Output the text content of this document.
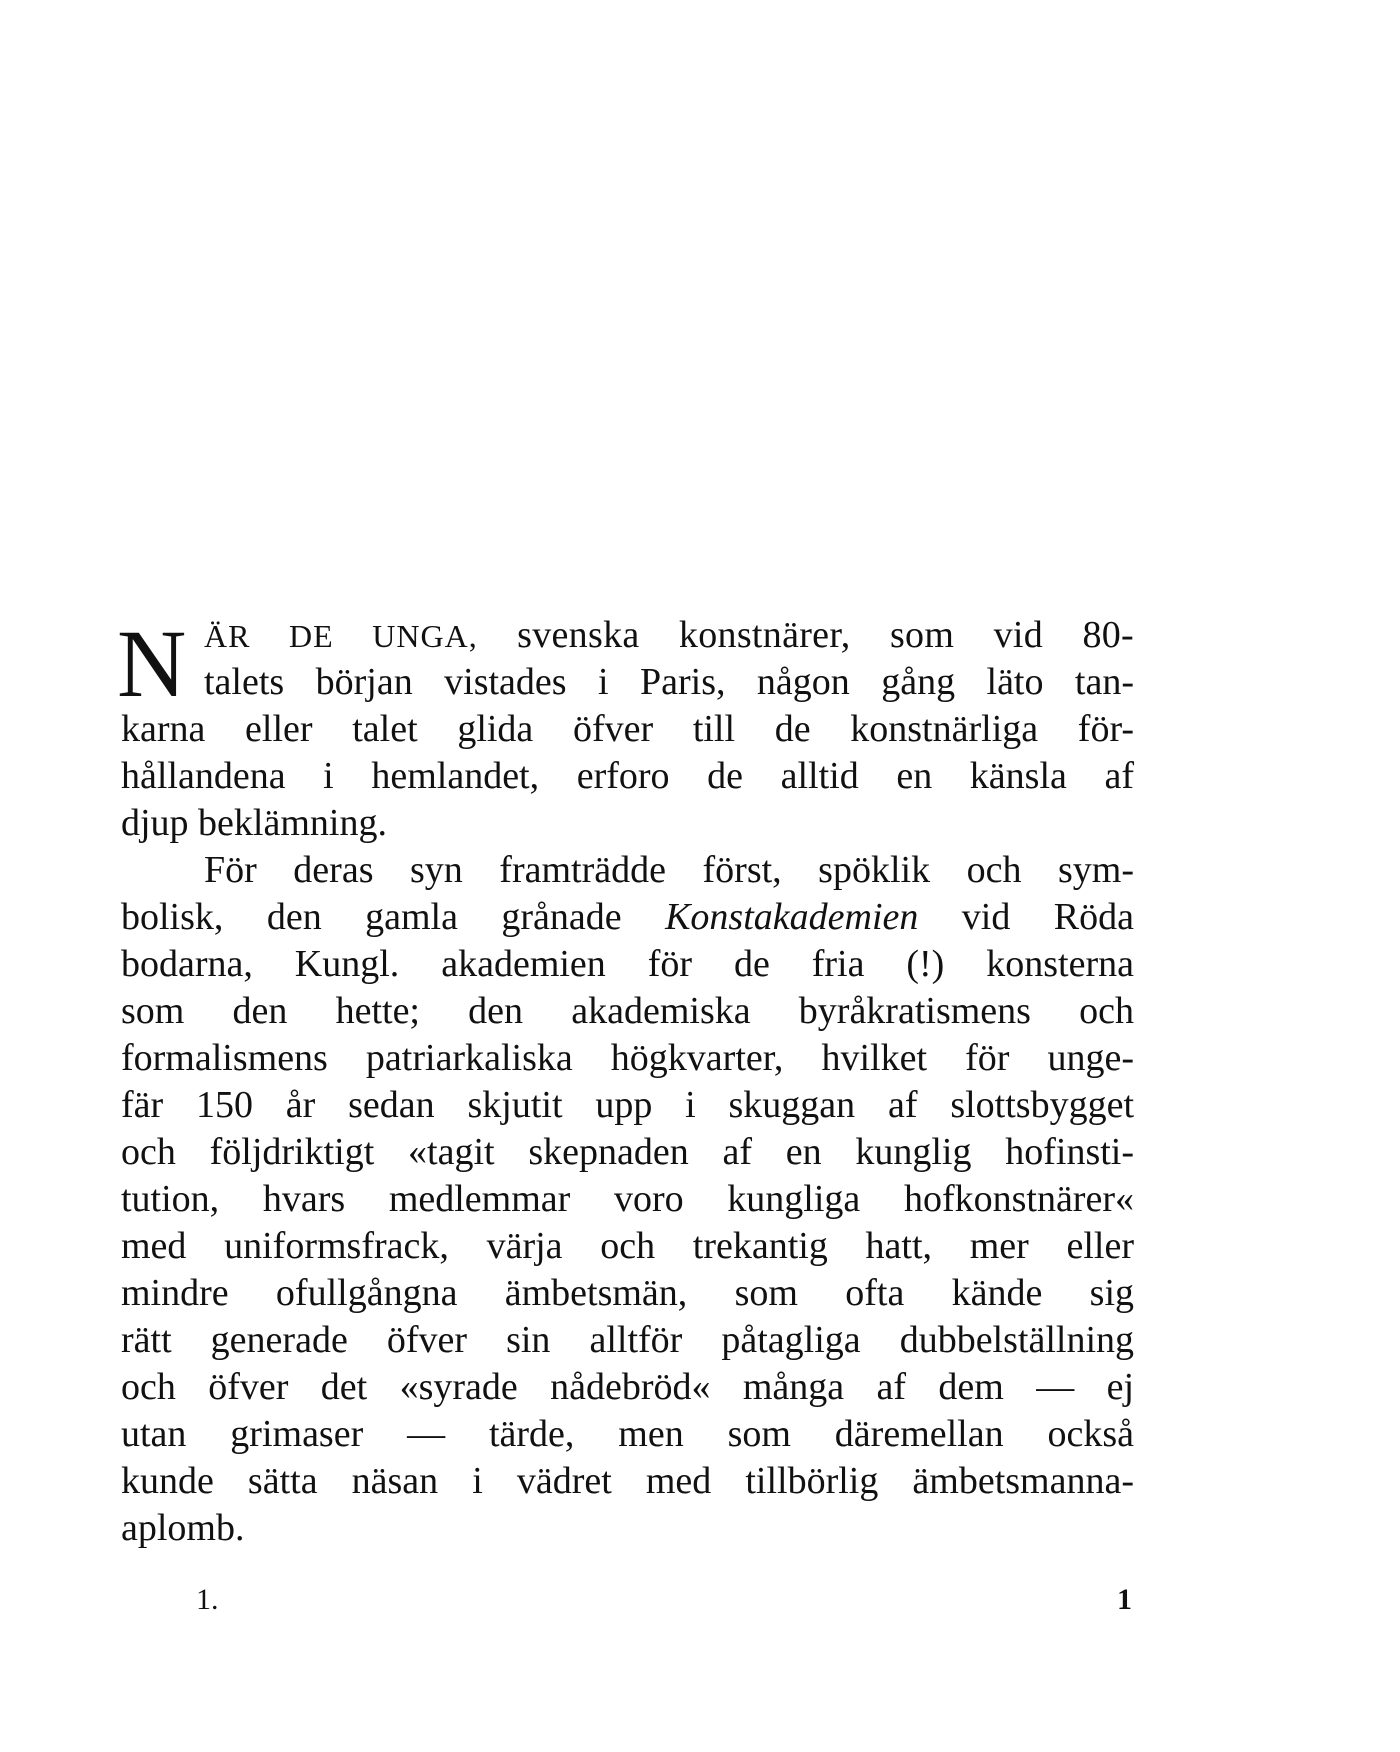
N ÄR DE UNGA, svenska konstnärer, som vid 80-
talets början vistades i Paris, någon gång läto tan-
karna eller talet glida öfver till de konstnärliga för-
hållandena i hemlandet, erforo de alltid en känsla af
djup beklämning.
För deras syn framträdde först, spöklik och sym-
bolisk, den gamla grånade Konstakademien vid Röda
bodarna, Kungl. akademien för de fria (!) konsterna
som den hette; den akademiska byråkratismens och
formalismens patriarkaliska högkvarter, hvilket för unge-
fär 150 år sedan skjutit upp i skuggan af slottsbygget
och följdriktigt «tagit skepnaden af en kunglig hofinsti-
tution, hvars medlemmar voro kungliga hofkonstnärer«
med uniformsfrack, värja och trekantig hatt, mer eller
mindre ofullgångna ämbetsmän, som ofta kände sig
rätt generade öfver sin alltför påtagliga dubbelställning
och öfver det «syrade nådebröd« många af dem — ej
utan grimaser — tärde, men som däremellan också
kunde sätta näsan i vädret med tillbörlig ämbetsmanna-
aplomb.
1.	1
